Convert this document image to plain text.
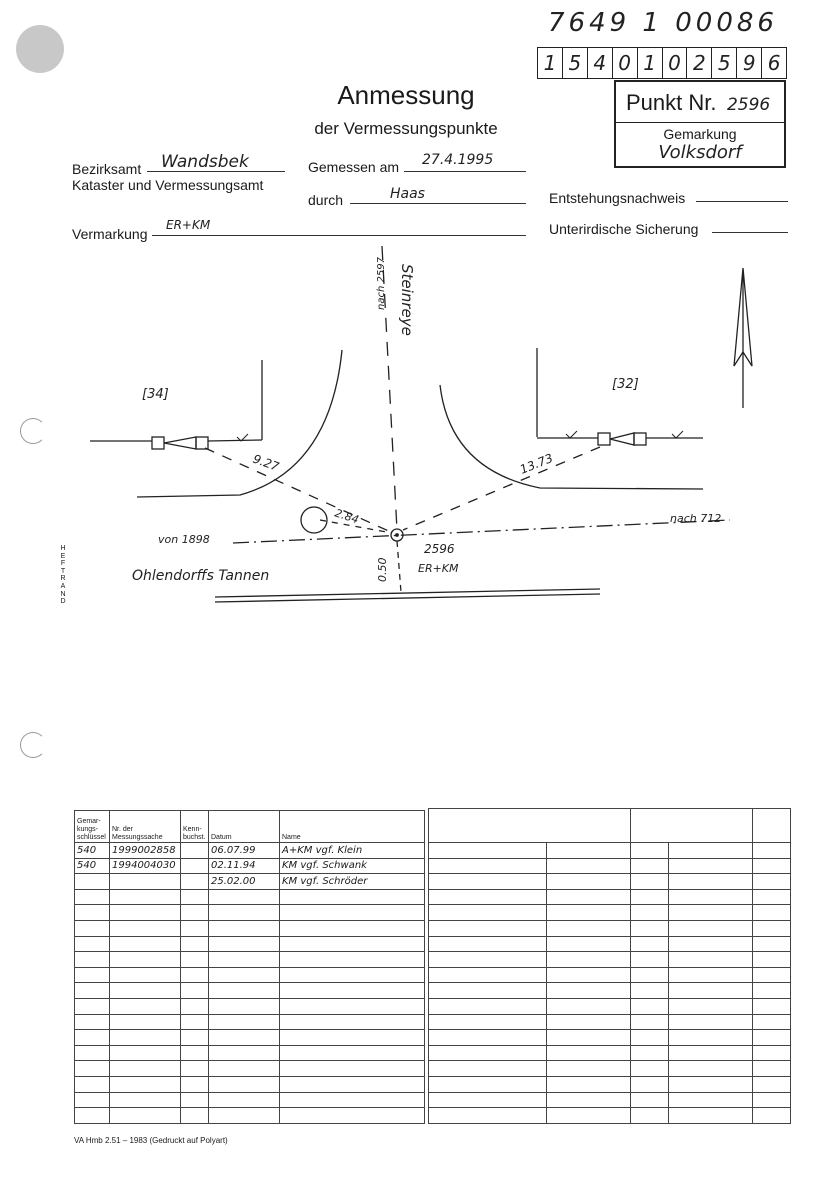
7649 1 00086
1 5 4 0 1 0 2 5 9 6
Anmessung
der Vermessungspunkte
Punkt Nr. 2596
Gemarkung
Volksdorf
Bezirksamt	Wandsbek
Kataster und Vermessungsamt
Gemessen am	27.4.1995
durch	Haas	Entstehungsnachweis
Vermarkung
ER+KM	Unterirdische Sicherung
HEFTRAND
Steinreye
nach 2597
[34]
[32]
9.27	13.73
2.84
von 1898
nach 712
2596
ER+KM
0.50
Ohlendorffs Tannen
Gemar-kungs-schlüssel	Nr. der Messungssache	Kenn-buchst.	Datum	Name
540	1999002858		06.07.99	A+KM vgf. Klein
540	1994004030		02.11.94	KM vgf. Schwank
			25.02.00	KM vgf. Schröder

VA Hmb 2.51 – 1983 (Gedruckt auf Polyart)
